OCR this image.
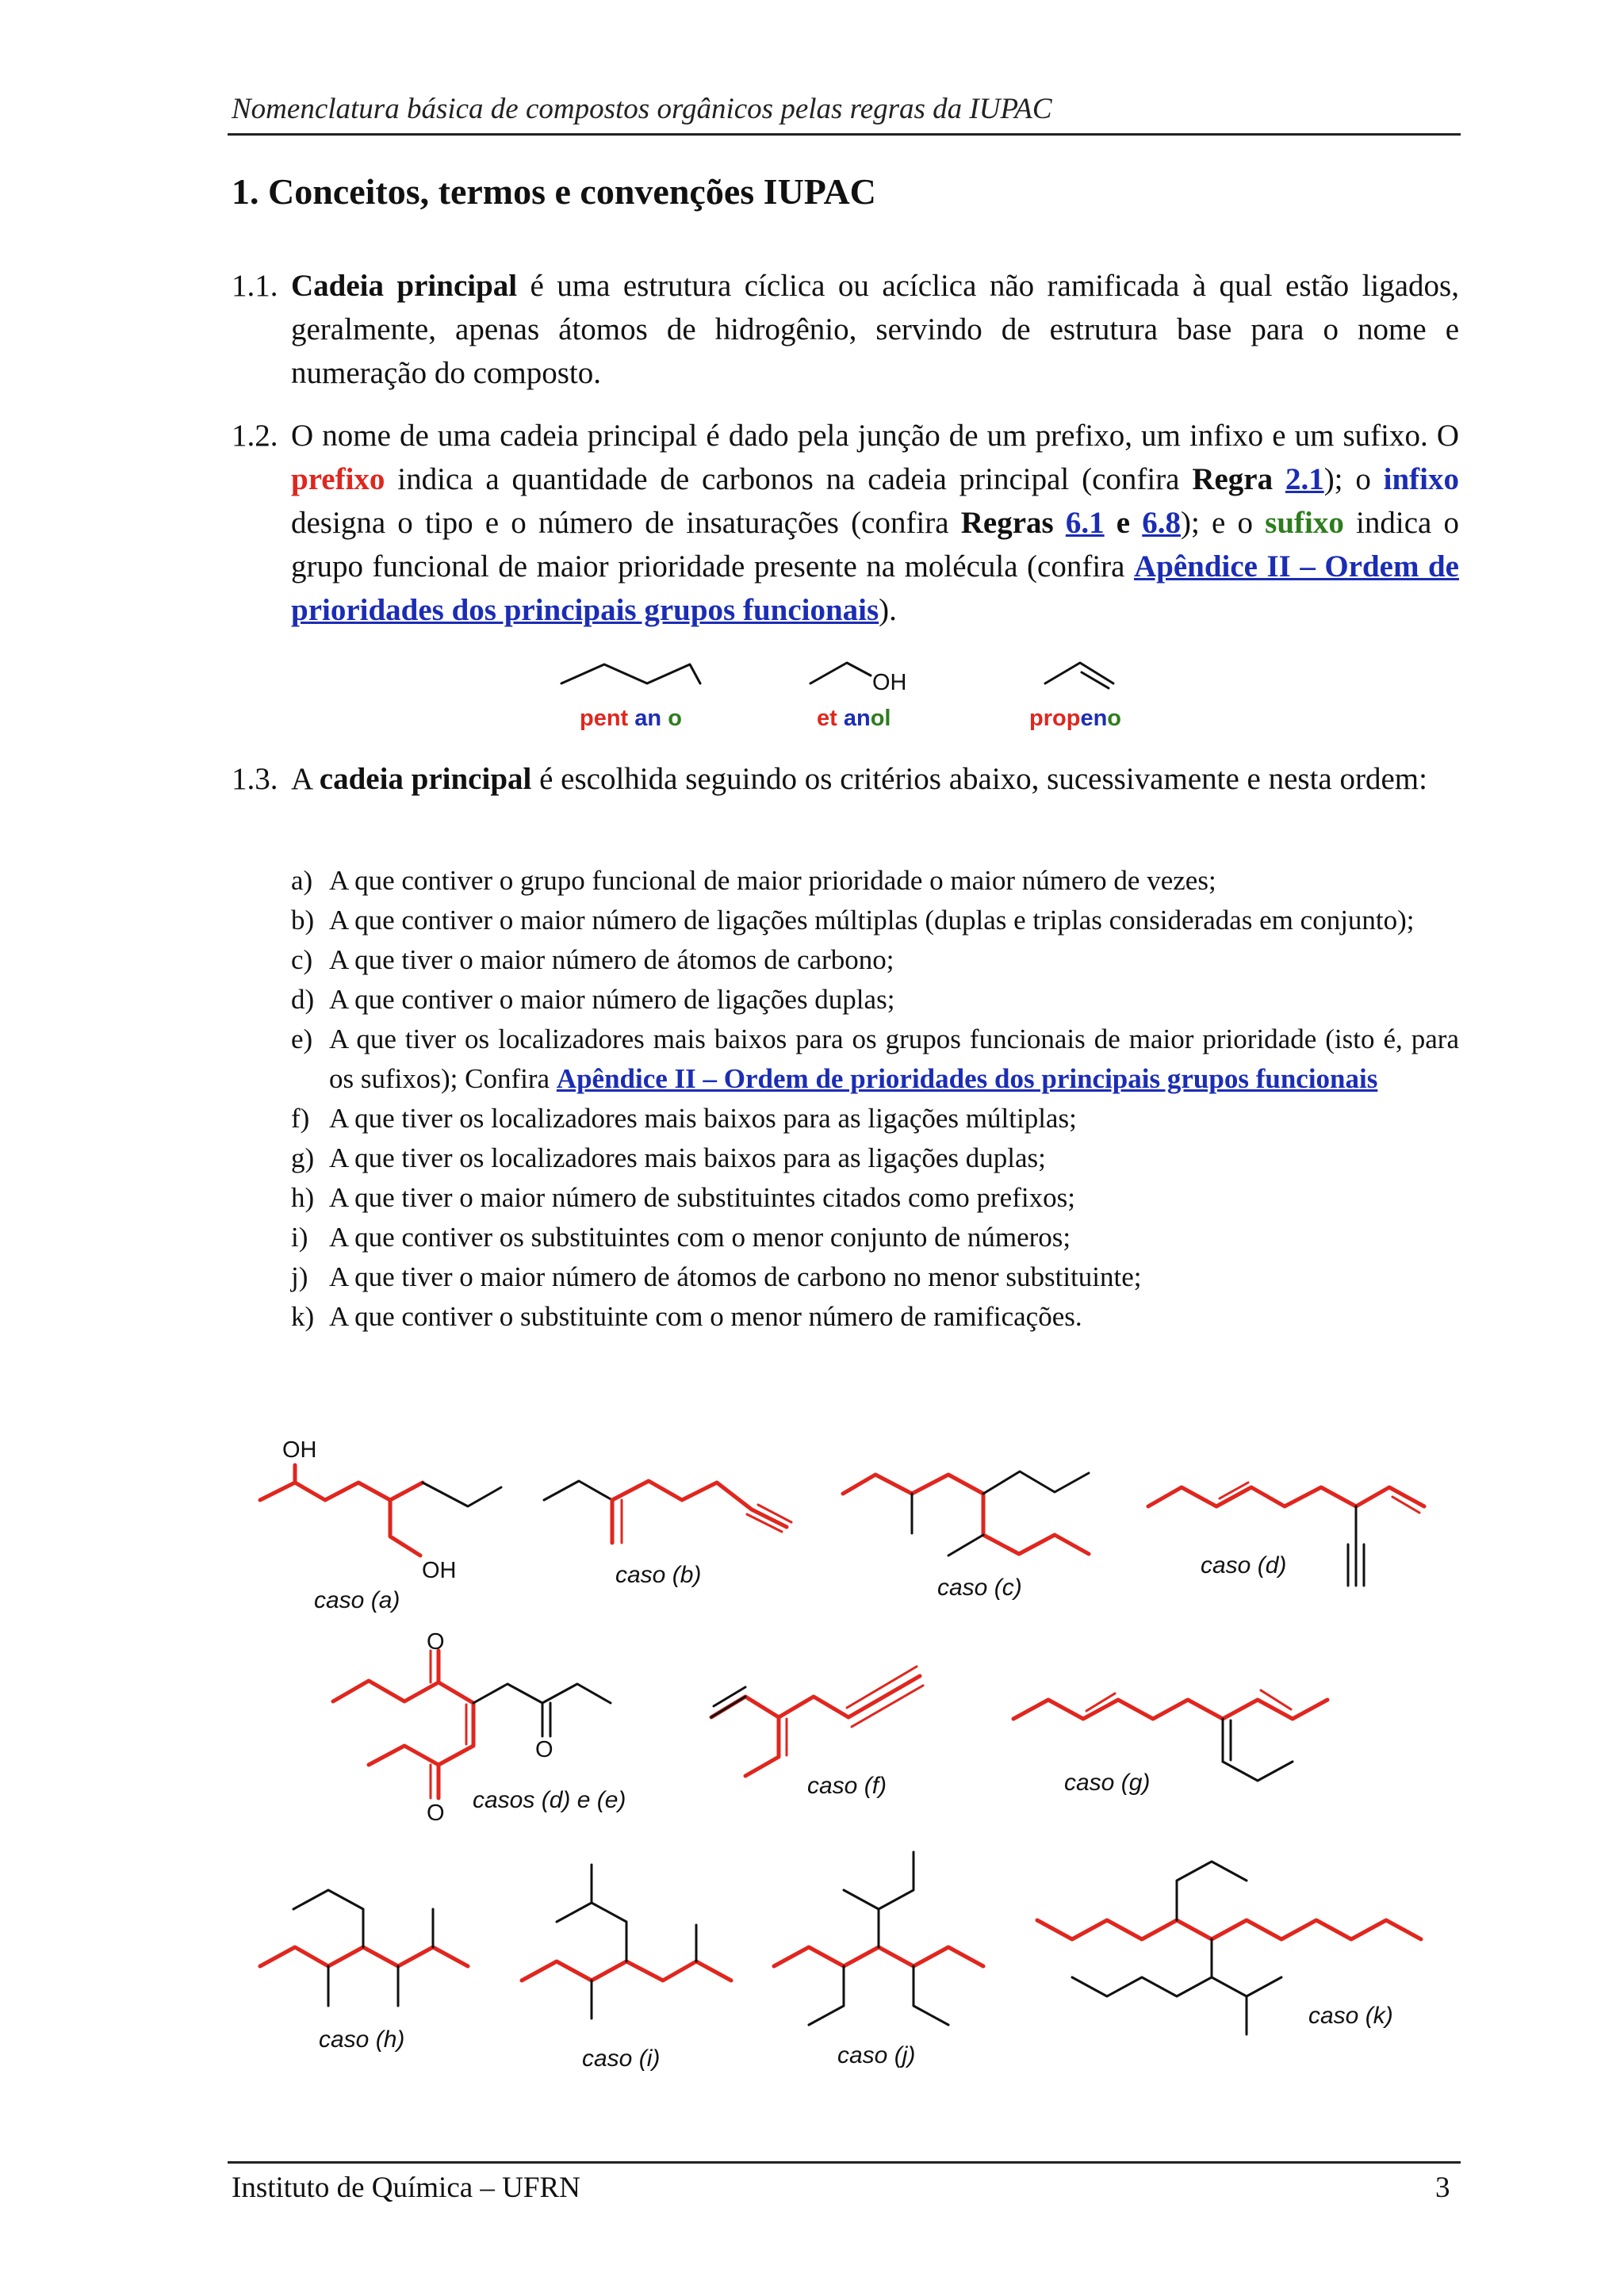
Nomenclatura básica de compostos orgânicos pelas regras da IUPAC
1. Conceitos, termos e convenções IUPAC
1.1. Cadeia principal é uma estrutura cíclica ou acíclica não ramificada à qual estão ligados, geralmente, apenas átomos de hidrogênio, servindo de estrutura base para o nome e numeração do composto.
1.2. O nome de uma cadeia principal é dado pela junção de um prefixo, um infixo e um sufixo. O prefixo indica a quantidade de carbonos na cadeia principal (confira Regra 2.1); o infixo designa o tipo e o número de insaturações (confira Regras 6.1 e 6.8); e o sufixo indica o grupo funcional de maior prioridade presente na molécula (confira Apêndice II – Ordem de prioridades dos principais grupos funcionais).
pent an o	et anol	propeno
1.3. A cadeia principal é escolhida seguindo os critérios abaixo, sucessivamente e nesta ordem:
a) A que contiver o grupo funcional de maior prioridade o maior número de vezes;
b) A que contiver o maior número de ligações múltiplas (duplas e triplas consideradas em conjunto);
c) A que tiver o maior número de átomos de carbono;
d) A que contiver o maior número de ligações duplas;
e) A que tiver os localizadores mais baixos para os grupos funcionais de maior prioridade (isto é, para os sufixos); Confira Apêndice II – Ordem de prioridades dos principais grupos funcionais
f) A que tiver os localizadores mais baixos para as ligações múltiplas;
g) A que tiver os localizadores mais baixos para as ligações duplas;
h) A que tiver o maior número de substituintes citados como prefixos;
i) A que contiver os substituintes com o menor conjunto de números;
j) A que tiver o maior número de átomos de carbono no menor substituinte;
k) A que contiver o substituinte com o menor número de ramificações.
OH
OH
OH
O
O
O
caso (a)
caso (b)	caso (c)
caso (d)
casos (d) e (e)
caso (f)	caso (g)
caso (h)
caso (i)	caso (j)
caso (k)
Instituto de Química – UFRN	3
